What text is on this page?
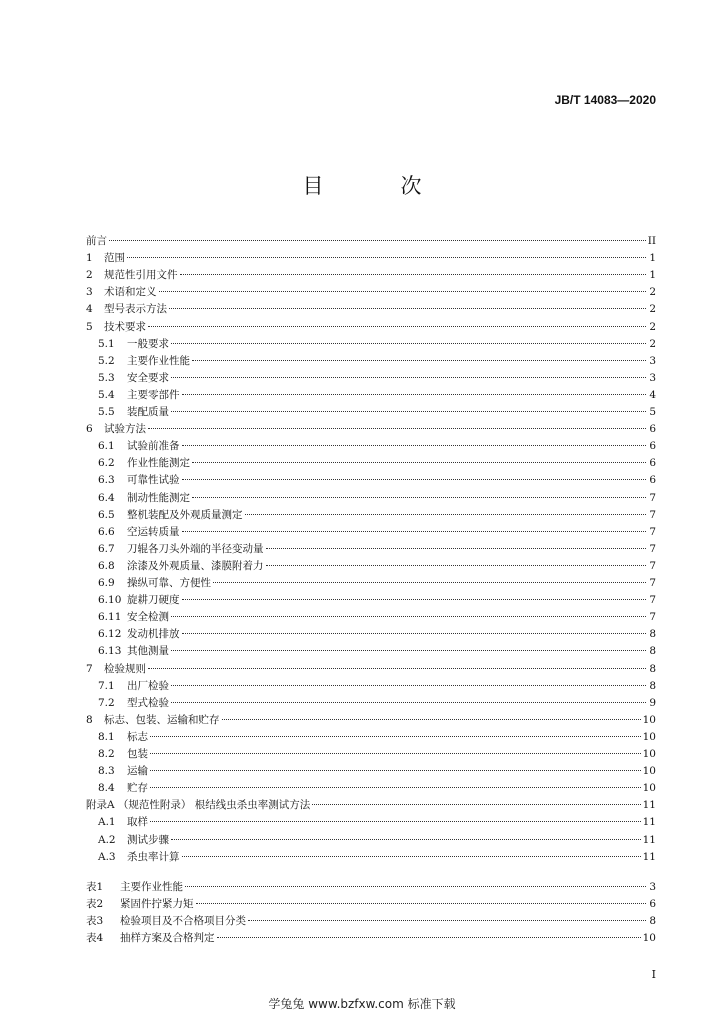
JB/T 14083—2020
目　次
前言	II
1	范围	1
2	规范性引用文件	1
3	术语和定义	2
4	型号表示方法	2
5	技术要求	2
5.1	一般要求	2
5.2	主要作业性能	3
5.3	安全要求	3
5.4	主要零部件	4
5.5	装配质量	5
6	试验方法	6
6.1	试验前准备	6
6.2	作业性能测定	6
6.3	可靠性试验	6
6.4	制动性能测定	7
6.5	整机装配及外观质量测定	7
6.6	空运转质量	7
6.7	刀辊各刀头外端的半径变动量	7
6.8	涂漆及外观质量、漆膜附着力	7
6.9	操纵可靠、方便性	7
6.10 旋耕刀硬度	7
6.11 安全检测	7
6.12 发动机排放	8
6.13 其他测量	8
7	检验规则	8
7.1	出厂检验	8
7.2	型式检验	9
8	标志、包装、运输和贮存	10
8.1	标志	10
8.2	包装	10
8.3	运输	10
8.4	贮存	10
附录A （规范性附录） 根结线虫杀虫率测试方法	11
A.1	取样	11
A.2	测试步骤	11
A.3	杀虫率计算	11
表1	主要作业性能	3
表2	紧固件拧紧力矩	6
表3	检验项目及不合格项目分类	8
表4	抽样方案及合格判定	10
I
学兔兔 www.bzfxw.com 标准下载
